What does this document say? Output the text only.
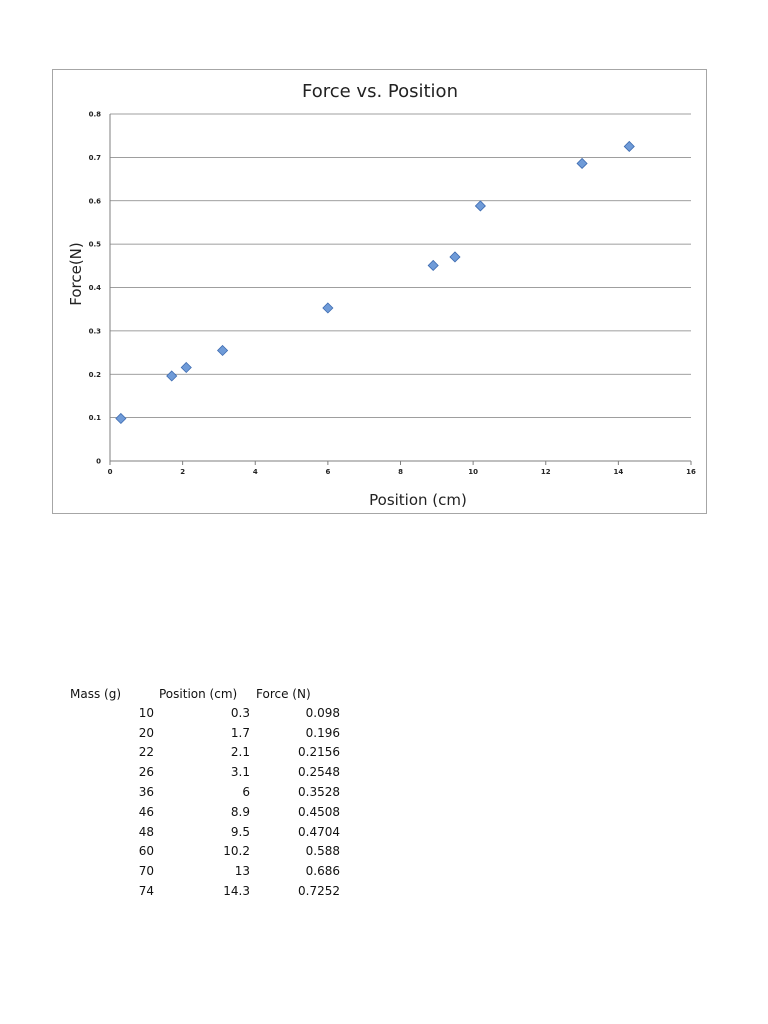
Force vs. Position
0
0.1
0.2
0.3
0.4
0.5
0.6
0.7
0.8
0	2	4	6	8	10	12	14	16
Position (cm)
Force(N)
Mass (g)	Position (cm)	Force (N)
10	0.3	0.098
20	1.7	0.196
22	2.1	0.2156
26	3.1	0.2548
36	6	0.3528
46	8.9	0.4508
48	9.5	0.4704
60	10.2	0.588
70	13	0.686
74	14.3	0.7252
